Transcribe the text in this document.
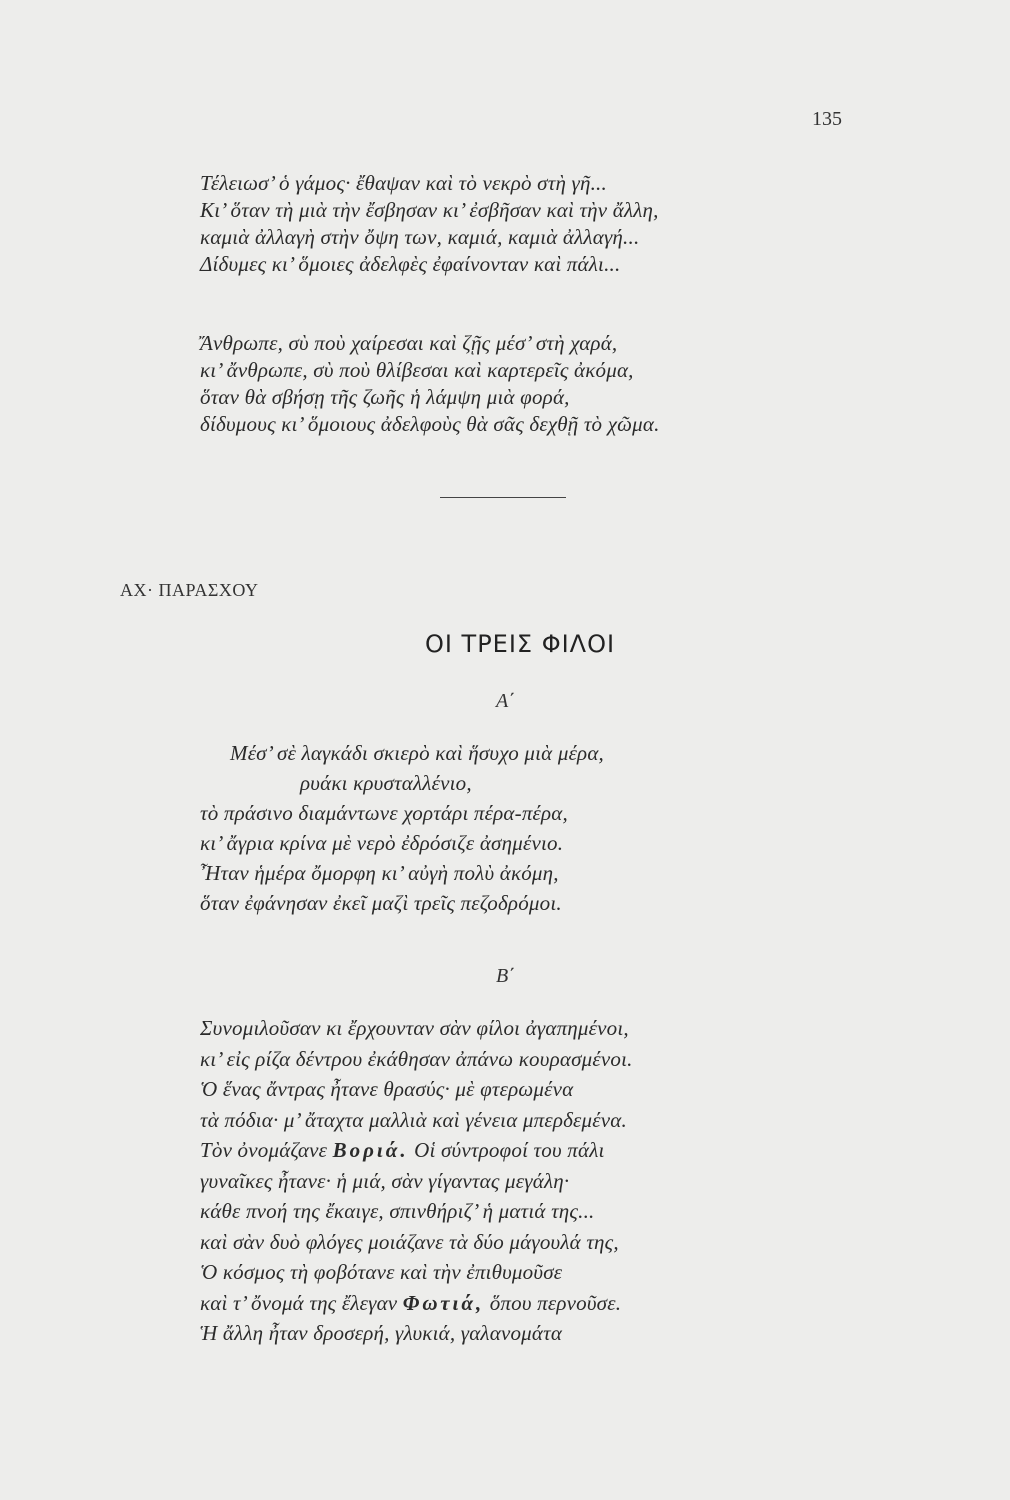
135
Τέλειωσ’ ὁ γάμος· ἔθαψαν καὶ τὸ νεκρὸ στὴ γῆ...
Κι’ ὅταν τὴ μιὰ τὴν ἔσβησαν κι’ ἐσβῆσαν καὶ τὴν ἄλλη,
καμιὰ ἀλλαγὴ στὴν ὄψη των, καμιά, καμιὰ ἀλλαγή...
Δίδυμες κι’ ὅμοιες ἀδελφὲς ἐφαίνονταν καὶ πάλι...
Ἄνθρωπε, σὺ ποὺ χαίρεσαι καὶ ζῇς μέσ’ στὴ χαρά,
κι’ ἄνθρωπε, σὺ ποὺ θλίβεσαι καὶ καρτερεῖς ἀκόμα,
ὅταν θὰ σβήσῃ τῆς ζωῆς ἡ λάμψη μιὰ φορά,
δίδυμους κι’ ὅμοιους ἀδελφοὺς θὰ σᾶς δεχθῇ τὸ χῶμα.
ΑΧ· ΠΑΡΑΣΧΟΥ
ΟΙ ΤΡΕΙΣ ΦΙΛΟΙ
Α΄
Μέσ’ σὲ λαγκάδι σκιερὸ καὶ ἥσυχο μιὰ μέρα,
ρυάκι κρυσταλλένιο,
τὸ πράσινο διαμάντωνε χορτάρι πέρα-πέρα,
κι’ ἄγρια κρίνα μὲ νερὸ ἐδρόσιζε ἀσημένιο.
Ἦταν ἡμέρα ὄμορφη κι’ αὐγὴ πολὺ ἀκόμη,
ὅταν ἐφάνησαν ἐκεῖ μαζὶ τρεῖς πεζοδρόμοι.
Β΄
Συνομιλοῦσαν κι ἔρχουνταν σὰν φίλοι ἀγαπημένοι,
κι’ εἰς ρίζα δέντρου ἐκάθησαν ἀπάνω κουρασμένοι.
Ὁ ἕνας ἄντρας ἦτανε θρασύς· μὲ φτερωμένα
τὰ πόδια· μ’ ἄταχτα μαλλιὰ καὶ γένεια μπερδεμένα.
Τὸν ὀνομάζανε Βοριά. Οἱ σύντροφοί του πάλι
γυναῖκες ἦτανε· ἡ μιά, σὰν γίγαντας μεγάλη·
κάθε πνοή της ἔκαιγε, σπινθήριζ’ ἡ ματιά της...
καὶ σὰν δυὸ φλόγες μοιάζανε τὰ δύο μάγουλά της,
Ὁ κόσμος τὴ φοβότανε καὶ τὴν ἐπιθυμοῦσε
καὶ τ’ ὄνομά της ἔλεγαν Φωτιά, ὅπου περνοῦσε.
Ἡ ἄλλη ἦταν δροσερή, γλυκιά, γαλανομάτα
